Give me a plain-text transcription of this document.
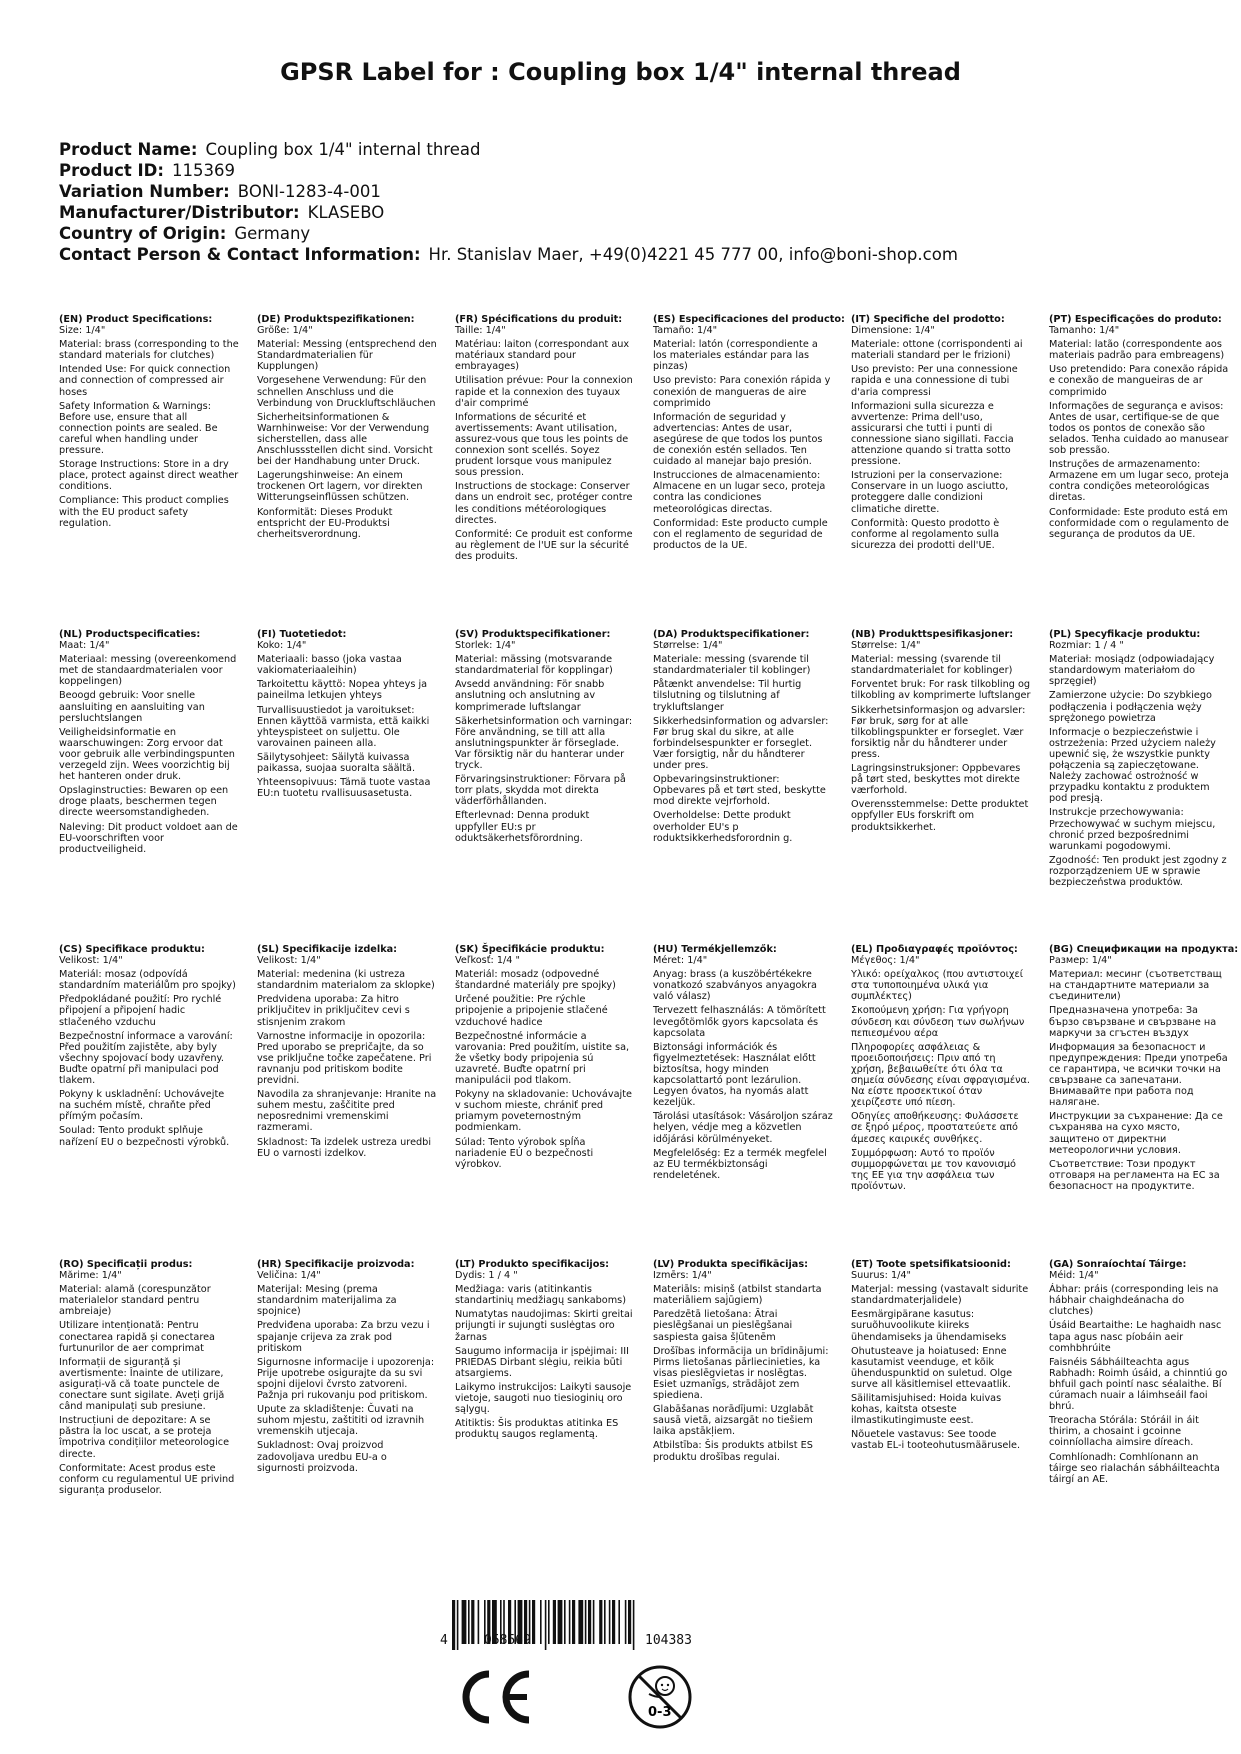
GPSR Label for : Coupling box 1/4" internal thread
Product Name: Coupling box 1/4" internal thread
Product ID: 115369
Variation Number: BONI-1283-4-001
Manufacturer/Distributor: KLASEBO
Country of Origin: Germany
Contact Person & Contact Information: Hr. Stanislav Maer, +49(0)4221 45 777 00, info@boni-shop.com
(EN) Product Specifications:

Size: 1/4"

Material: brass (corresponding to the standard materials for clutches)

Intended Use: For quick connection and connection of compressed air hoses

Safety Information & Warnings: Before use, ensure that all connection points are sealed. Be careful when handling under pressure.

Storage Instructions: Store in a dry place, protect against direct weather conditions.

Compliance: This product complies with the EU product safety regulation.

(DE) Produktspezifikationen:

Größe: 1/4"

Material: Messing (entsprechend den Standardmaterialien für Kupplungen)

Vorgesehene Verwendung: Für den schnellen Anschluss und die Verbindung von Druckluftschläuchen

Sicherheitsinformationen & Warnhinweise: Vor der Verwendung sicherstellen, dass alle Anschlussstellen dicht sind. Vorsicht bei der Handhabung unter Druck.

Lagerungshinweise: An einem trockenen Ort lagern, vor direkten Witterungseinflüssen schützen.

Konformität: Dieses Produkt entspricht der EU-Produktsi cherheitsverordnung.

(FR) Spécifications du produit:

Taille: 1/4"

Matériau: laiton (correspondant aux matériaux standard pour embrayages)

Utilisation prévue: Pour la connexion rapide et la connexion des tuyaux d'air comprimé

Informations de sécurité et avertissements: Avant utilisation, assurez-vous que tous les points de connexion sont scellés. Soyez prudent lorsque vous manipulez sous pression.

Instructions de stockage: Conserver dans un endroit sec, protéger contre les conditions météorologiques directes.

Conformité: Ce produit est conforme au règlement de l'UE sur la sécurité des produits.

(ES) Especificaciones del producto:

Tamaño: 1/4"

Material: latón (correspondiente a los materiales estándar para las pinzas)

Uso previsto: Para conexión rápida y conexión de mangueras de aire comprimido

Información de seguridad y advertencias: Antes de usar, asegúrese de que todos los puntos de conexión estén sellados. Ten cuidado al manejar bajo presión.

Instrucciones de almacenamiento: Almacene en un lugar seco, proteja contra las condiciones meteorológicas directas.

Conformidad: Este producto cumple con el reglamento de seguridad de productos de la UE.

(IT) Specifiche del prodotto:

Dimensione: 1/4"

Materiale: ottone (corrispondenti ai materiali standard per le frizioni)

Uso previsto: Per una connessione rapida e una connessione di tubi d'aria compressi

Informazioni sulla sicurezza e avvertenze: Prima dell'uso, assicurarsi che tutti i punti di connessione siano sigillati. Faccia attenzione quando si tratta sotto pressione.

Istruzioni per la conservazione: Conservare in un luogo asciutto, proteggere dalle condizioni climatiche dirette.

Conformità: Questo prodotto è conforme al regolamento sulla sicurezza dei prodotti dell'UE.

(PT) Especificações do produto:

Tamanho: 1/4"

Material: latão (correspondente aos materiais padrão para embreagens)

Uso pretendido: Para conexão rápida e conexão de mangueiras de ar comprimido

Informações de segurança e avisos: Antes de usar, certifique-se de que todos os pontos de conexão são selados. Tenha cuidado ao manusear sob pressão.

Instruções de armazenamento: Armazene em um lugar seco, proteja contra condições meteorológicas diretas.

Conformidade: Este produto está em conformidade com o regulamento de segurança de produtos da UE.

(NL) Productspecificaties:

Maat: 1/4"

Materiaal: messing (overeenkomend met de standaardmaterialen voor koppelingen)

Beoogd gebruik: Voor snelle aansluiting en aansluiting van persluchtslangen

Veiligheidsinformatie en waarschuwingen: Zorg ervoor dat voor gebruik alle verbindingspunten verzegeld zijn. Wees voorzichtig bij het hanteren onder druk.

Opslaginstructies: Bewaren op een droge plaats, beschermen tegen directe weersomstandigheden.

Naleving: Dit product voldoet aan de EU-voorschriften voor productveiligheid.

(FI) Tuotetiedot:

Koko: 1/4"

Materiaali: basso (joka vastaa vakiomateriaaleihin)

Tarkoitettu käyttö: Nopea yhteys ja paineilma letkujen yhteys

Turvallisuustiedot ja varoitukset: Ennen käyttöä varmista, että kaikki yhteyspisteet on suljettu. Ole varovainen paineen alla.

Säilytysohjeet: Säilytä kuivassa paikassa, suojaa suoralta säältä.

Yhteensopivuus: Tämä tuote vastaa EU:n tuotetu rvallisuusasetusta.

(SV) Produktspecifikationer:

Storlek: 1/4"

Material: mässing (motsvarande standardmaterial för kopplingar)

Avsedd användning: För snabb anslutning och anslutning av komprimerade luftslangar

Säkerhetsinformation och varningar: Före användning, se till att alla anslutningspunkter är förseglade. Var försiktig när du hanterar under tryck.

Förvaringsinstruktioner: Förvara på torr plats, skydda mot direkta väderförhållanden.

Efterlevnad: Denna produkt uppfyller EU:s pr oduktsäkerhetsförordning.

(DA) Produktspecifikationer:

Størrelse: 1/4"

Materiale: messing (svarende til standardmaterialer til koblinger)

Påtænkt anvendelse: Til hurtig tilslutning og tilslutning af trykluftslanger

Sikkerhedsinformation og advarsler: Før brug skal du sikre, at alle forbindelsespunkter er forseglet. Vær forsigtig, når du håndterer under pres.

Opbevaringsinstruktioner: Opbevares på et tørt sted, beskytte mod direkte vejrforhold.

Overholdelse: Dette produkt overholder EU's p roduktsikkerhedsforordnin g.

(NB) Produkttspesifikasjoner:

Størrelse: 1/4"

Material: messing (svarende til standardmaterialet for koblinger)

Forventet bruk: For rask tilkobling og tilkobling av komprimerte luftslanger

Sikkerhetsinformasjon og advarsler: Før bruk, sørg for at alle tilkoblingspunkter er forseglet. Vær forsiktig når du håndterer under press.

Lagringsinstruksjoner: Oppbevares på tørt sted, beskyttes mot direkte værforhold.

Overensstemmelse: Dette produktet oppfyller EUs forskrift om produktsikkerhet.

(PL) Specyfikacje produktu:

Rozmiar: 1 / 4 "

Materiał: mosiądz (odpowiadający standardowym materiałom do sprzęgieł)

Zamierzone użycie: Do szybkiego podłączenia i podłączenia węży sprężonego powietrza

Informacje o bezpieczeństwie i ostrzeżenia: Przed użyciem należy upewnić się, że wszystkie punkty połączenia są zapieczętowane. Należy zachować ostrożność w przypadku kontaktu z produktem pod presją.

Instrukcje przechowywania: Przechowywać w suchym miejscu, chronić przed bezpośrednimi warunkami pogodowymi.

Zgodność: Ten produkt jest zgodny z rozporządzeniem UE w sprawie bezpieczeństwa produktów.

(CS) Specifikace produktu:

Velikost: 1/4"

Materiál: mosaz (odpovídá standardním materiálům pro spojky)

Předpokládané použití: Pro rychlé připojení a připojení hadic stlačeného vzduchu

Bezpečnostní informace a varování: Před použitím zajistěte, aby byly všechny spojovací body uzavřeny. Buďte opatrní při manipulaci pod tlakem.

Pokyny k uskladnění: Uchovávejte na suchém místě, chraňte před přímým počasím.

Soulad: Tento produkt splňuje nařízení EU o bezpečnosti výrobků.

(SL) Specifikacije izdelka:

Velikost: 1/4"

Material: medenina (ki ustreza standardnim materialom za sklopke)

Predvidena uporaba: Za hitro priključitev in priključitev cevi s stisnjenim zrakom

Varnostne informacije in opozorila: Pred uporabo se prepričajte, da so vse priključne točke zapečatene. Pri ravnanju pod pritiskom bodite previdni.

Navodila za shranjevanje: Hranite na suhem mestu, zaščitite pred neposrednimi vremenskimi razmerami.

Skladnost: Ta izdelek ustreza uredbi EU o varnosti izdelkov.

(SK) Špecifikácie produktu:

Veľkosť: 1/4 "

Materiál: mosadz (odpovedné štandardné materiály pre spojky)

Určené použitie: Pre rýchle pripojenie a pripojenie stlačené vzduchové hadice

Bezpečnostné informácie a varovania: Pred použitím, uistite sa, že všetky body pripojenia sú uzavreté. Buďte opatrní pri manipulácii pod tlakom.

Pokyny na skladovanie: Uchovávajte v suchom mieste, chrániť pred priamym poveternostným podmienkam.

Súlad: Tento výrobok spĺňa nariadenie EÚ o bezpečnosti výrobkov.

(HU) Termékjellemzők:

Méret: 1/4"

Anyag: brass (a kuszöbértékekre vonatkozó szabványos anyagokra való válasz)

Tervezett felhasználás: A tömörített levegőtömlők gyors kapcsolata és kapcsolata

Biztonsági információk és figyelmeztetések: Használat előtt biztosítsa, hogy minden kapcsolattartó pont lezárulion. Legyen óvatos, ha nyomás alatt kezeljük.

Tárolási utasítások: Vásároljon száraz helyen, védje meg a közvetlen időjárási körülményeket.

Megfelelőség: Ez a termék megfelel az EU termékbiztonsági rendeletének.

(EL) Προδιαγραφές προϊόντος:

Μέγεθος: 1/4"

Υλικό: ορείχαλκος (που αντιστοιχεί στα τυποποιημένα υλικά για συμπλέκτες)

Σκοπούμενη χρήση: Για γρήγορη σύνδεση και σύνδεση των σωλήνων πεπιεσμένου αέρα

Πληροφορίες ασφάλειας & προειδοποιήσεις: Πριν από τη χρήση, βεβαιωθείτε ότι όλα τα σημεία σύνδεσης είναι σφραγισμένα. Να είστε προσεκτικοί όταν χειρίζεστε υπό πίεση.

Οδηγίες αποθήκευσης: Φυλάσσετε σε ξηρό μέρος, προστατεύετε από άμεσες καιρικές συνθήκες.

Συμμόρφωση: Αυτό το προϊόν συμμορφώνεται με τον κανονισμό της ΕΕ για την ασφάλεια των προϊόντων.

(BG) Спецификации на продукта:

Размер: 1/4"

Материал: месинг (съответстващ на стандартните материали за съединители)

Предназначена употреба: За бързо свързване и свързване на маркучи за сгъстен въздух

Информация за безопасност и предупреждения: Преди употреба се гарантира, че всички точки на свързване са запечатани. Внимавайте при работа под налягане.

Инструкции за съхранение: Да се съхранява на сухо място, защитено от директни метеорологични условия.

Съответствие: Този продукт отговаря на регламента на ЕС за безопасност на продуктите.

(RO) Specificații produs:

Mărime: 1/4"

Material: alamă (corespunzător materialelor standard pentru ambreiaje)

Utilizare intenționată: Pentru conectarea rapidă și conectarea furtunurilor de aer comprimat

Informații de siguranță și avertismente: Înainte de utilizare, asigurați-vă că toate punctele de conectare sunt sigilate. Aveți grijă când manipulați sub presiune.

Instrucțiuni de depozitare: A se păstra la loc uscat, a se proteja împotriva condițiilor meteorologice directe.

Conformitate: Acest produs este conform cu regulamentul UE privind siguranța produselor.

(HR) Specifikacije proizvoda:

Veličina: 1/4"

Materijal: Mesing (prema standardnim materijalima za spojnice)

Predviđena uporaba: Za brzu vezu i spajanje crijeva za zrak pod pritiskom

Sigurnosne informacije i upozorenja: Prije upotrebe osigurajte da su svi spojni dijelovi čvrsto zatvoreni. Pažnja pri rukovanju pod pritiskom.

Upute za skladištenje: Čuvati na suhom mjestu, zaštititi od izravnih vremenskih utjecaja.

Sukladnost: Ovaj proizvod zadovoljava uredbu EU-a o sigurnosti proizvoda.

(LT) Produkto specifikacijos:

Dydis: 1 / 4 "

Medžiaga: varis (atitinkantis standartinių medžiagų sankaboms)

Numatytas naudojimas: Skirti greitai prijungti ir sujungti suslėgtas oro žarnas

Saugumo informacija ir įspėjimai: III PRIEDAS Dirbant slėgiu, reikia būti atsargiems.

Laikymo instrukcijos: Laikyti sausoje vietoje, saugoti nuo tiesioginių oro sąlygų.

Atitiktis: Šis produktas atitinka ES produktų saugos reglamentą.

(LV) Produkta specifikācijas:

Izmērs: 1/4"

Materiāls: misiņš (atbilst standarta materiāliem sajūgiem)

Paredzētā lietošana: Ātrai pieslēgšanai un pieslēgšanai saspiesta gaisa šļūtenēm

Drošības informācija un brīdinājumi: Pirms lietošanas pārliecinieties, ka visas pieslēgvietas ir noslēgtas. Esiet uzmanīgs, strādājot zem spiediena.

Glabāšanas norādījumi: Uzglabāt sausā vietā, aizsargāt no tiešiem laika apstākļiem.

Atbilstība: Šis produkts atbilst ES produktu drošības regulai.

(ET) Toote spetsifikatsioonid:

Suurus: 1/4"

Materjal: messing (vastavalt sidurite standardmaterjalidele)

Eesmärgipärane kasutus: suruõhuvoolikute kiireks ühendamiseks ja ühendamiseks

Ohutusteave ja hoiatused: Enne kasutamist veenduge, et kõik ühenduspunktid on suletud. Olge surve all käsitlemisel ettevaatlik.

Säilitamisjuhised: Hoida kuivas kohas, kaitsta otseste ilmastikutingimuste eest.

Nõuetele vastavus: See toode vastab EL-i tooteohutusmäärusele.

(GA) Sonraíochtaí Táirge:

Méid: 1/4"

Ábhar: práis (corresponding leis na hábhair chaighdeánacha do clutches)

Úsáid Beartaithe: Le haghaidh nasc tapa agus nasc píobáin aeir comhbhrúite

Faisnéis Sábháilteachta agus Rabhadh: Roimh úsáid, a chinntiú go bhfuil gach pointí nasc séalaithe. Bí cúramach nuair a láimhseáil faoi bhrú.

Treoracha Stórála: Stóráil in áit thirim, a chosaint i gcoinne coinníollacha aimsire díreach.

Comhlíonadh: Comhlíonann an táirge seo rialachán sábháilteachta táirgí an AE.

4	058569	104383
0-3
